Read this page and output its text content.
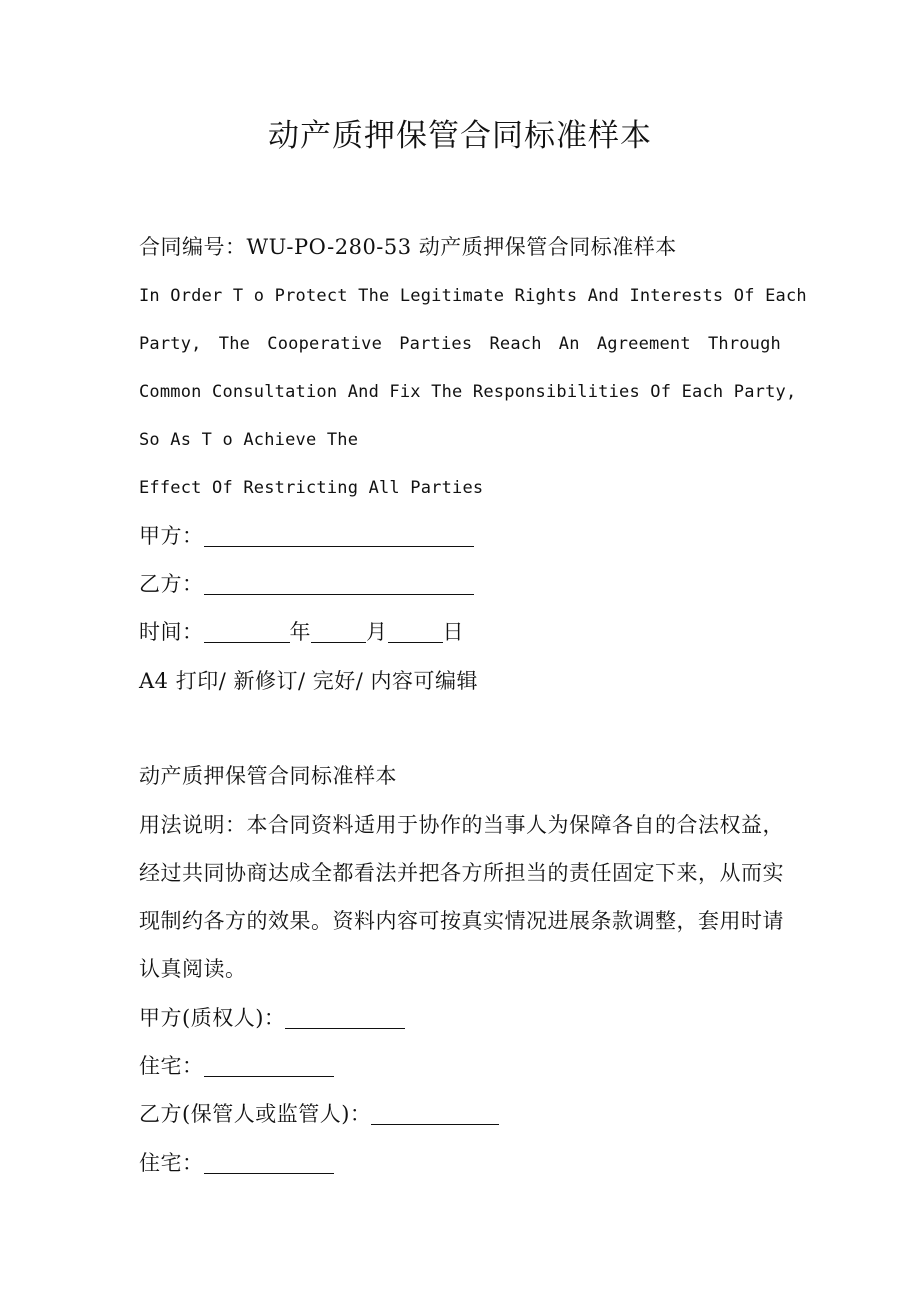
动产质押保管合同标准样本
合同编号：WU-PO-280-53 动产质押保管合同标准样本
In Order T o Protect The Legitimate Rights And Interests Of Each
Party, The Cooperative Parties Reach An Agreement Through
Common Consultation And Fix The Responsibilities Of Each Party,
So As T o Achieve The
Effect Of Restricting All Parties
甲方：
乙方：
时间：	年	月	日
A4 打印/ 新修订/ 完好/ 内容可编辑
动产质押保管合同标准样本
用法说明：本合同资料适用于协作的当事人为保障各自的合法权益，
经过共同协商达成全都看法并把各方所担当的责任固定下来，从而实
现制约各方的效果。资料内容可按真实情况进展条款调整，套用时请
认真阅读。
甲方(质权人)：
住宅：
乙方(保管人或监管人)：
住宅：
